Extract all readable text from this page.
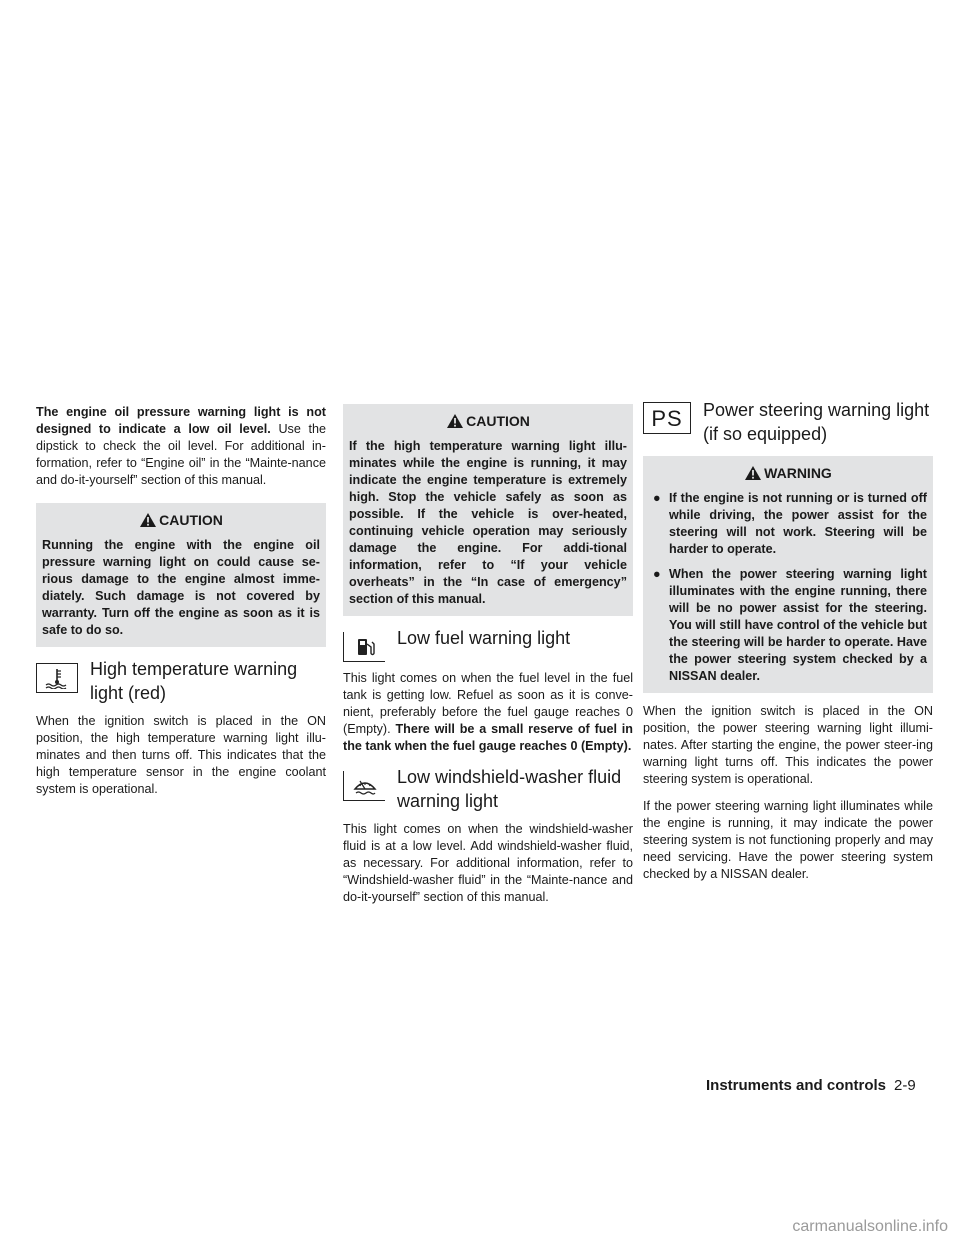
The engine oil pressure warning light is not designed to indicate a low oil level. Use the dipstick to check the oil level. For additional in-formation, refer to “Engine oil” in the “Mainte-nance and do-it-yourself” section of this manual.

CAUTION
Running the engine with the engine oil pressure warning light on could cause se-rious damage to the engine almost imme-diately. Such damage is not covered by warranty. Turn off the engine as soon as it is safe to do so.
High temperature warning light (red)

When the ignition switch is placed in the ON position, the high temperature warning light illu-minates and then turns off. This indicates that the high temperature sensor in the engine coolant system is operational.

CAUTION
If the high temperature warning light illu-minates while the engine is running, it may indicate the engine temperature is extremely high. Stop the vehicle safely as soon as possible. If the vehicle is over-heated, continuing vehicle operation may seriously damage the engine. For addi-tional information, refer to “If your vehicle overheats” in the “In case of emergency” section of this manual.
Low fuel warning light

This light comes on when the fuel level in the fuel tank is getting low. Refuel as soon as it is conve-nient, preferably before the fuel gauge reaches 0 (Empty). There will be a small reserve of fuel in the tank when the fuel gauge reaches 0 (Empty).

Low windshield-washer fluid warning light

This light comes on when the windshield-washer fluid is at a low level. Add windshield-washer fluid, as necessary. For additional information, refer to “Windshield-washer fluid” in the “Mainte-nance and do-it-yourself” section of this manual.

PS Power steering warning light (if so equipped)
WARNING
● If the engine is not running or is turned off while driving, the power assist for the steering will not work. Steering will be harder to operate.
● When the power steering warning light illuminates with the engine running, there will be no power assist for the steering. You will still have control of the vehicle but the steering will be harder to operate. Have the power steering system checked by a NISSAN dealer.

When the ignition switch is placed in the ON position, the power steering warning light illumi-nates. After starting the engine, the power steer-ing warning light turns off. This indicates the power steering system is operational.

If the power steering warning light illuminates while the engine is running, it may indicate the power steering system is not functioning properly and may need servicing. Have the power steering system checked by a NISSAN dealer.

Instruments and controls 2-9
carmanualsonline.info
